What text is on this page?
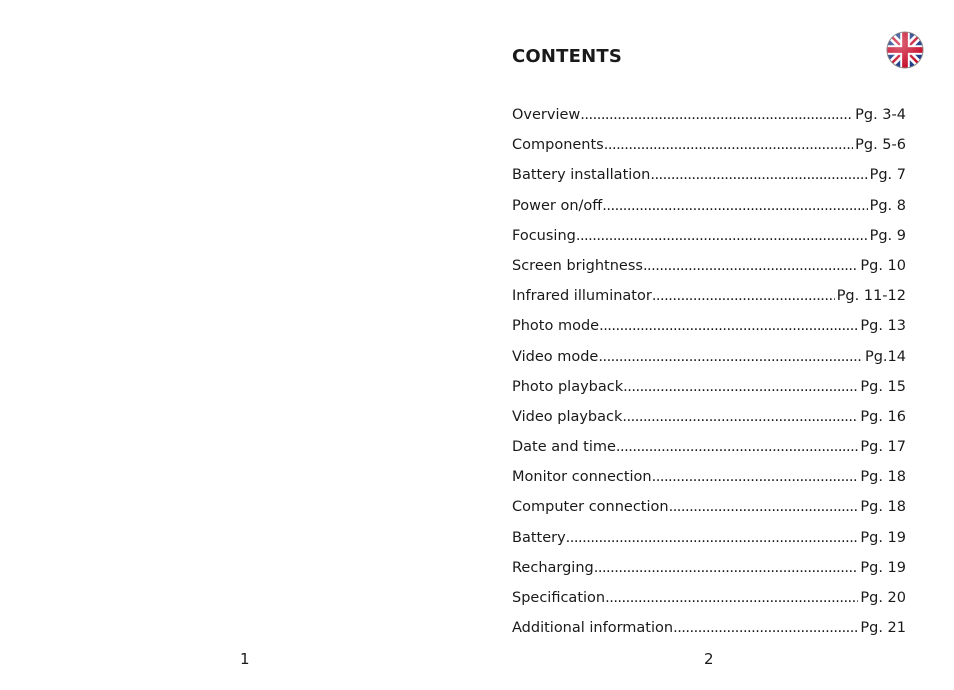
1
CONTENTS
Overview .....	Pg. 3-4
Components .....	Pg. 5-6
Battery installation .....	Pg. 7
Power on/off .....	Pg. 8
Focusing .....	Pg. 9
Screen brightness .....	Pg. 10
Infrared illuminator .....	Pg. 11-12
Photo mode .....	Pg. 13
Video mode .....	Pg.14
Photo playback .....	Pg. 15
Video playback .....	Pg. 16
Date and time .....	Pg. 17
Monitor connection .....	Pg. 18
Computer connection .....	Pg. 18
Battery .....	Pg. 19
Recharging .....	Pg. 19
Specification .....	Pg. 20
Additional information .....	Pg. 21
2
